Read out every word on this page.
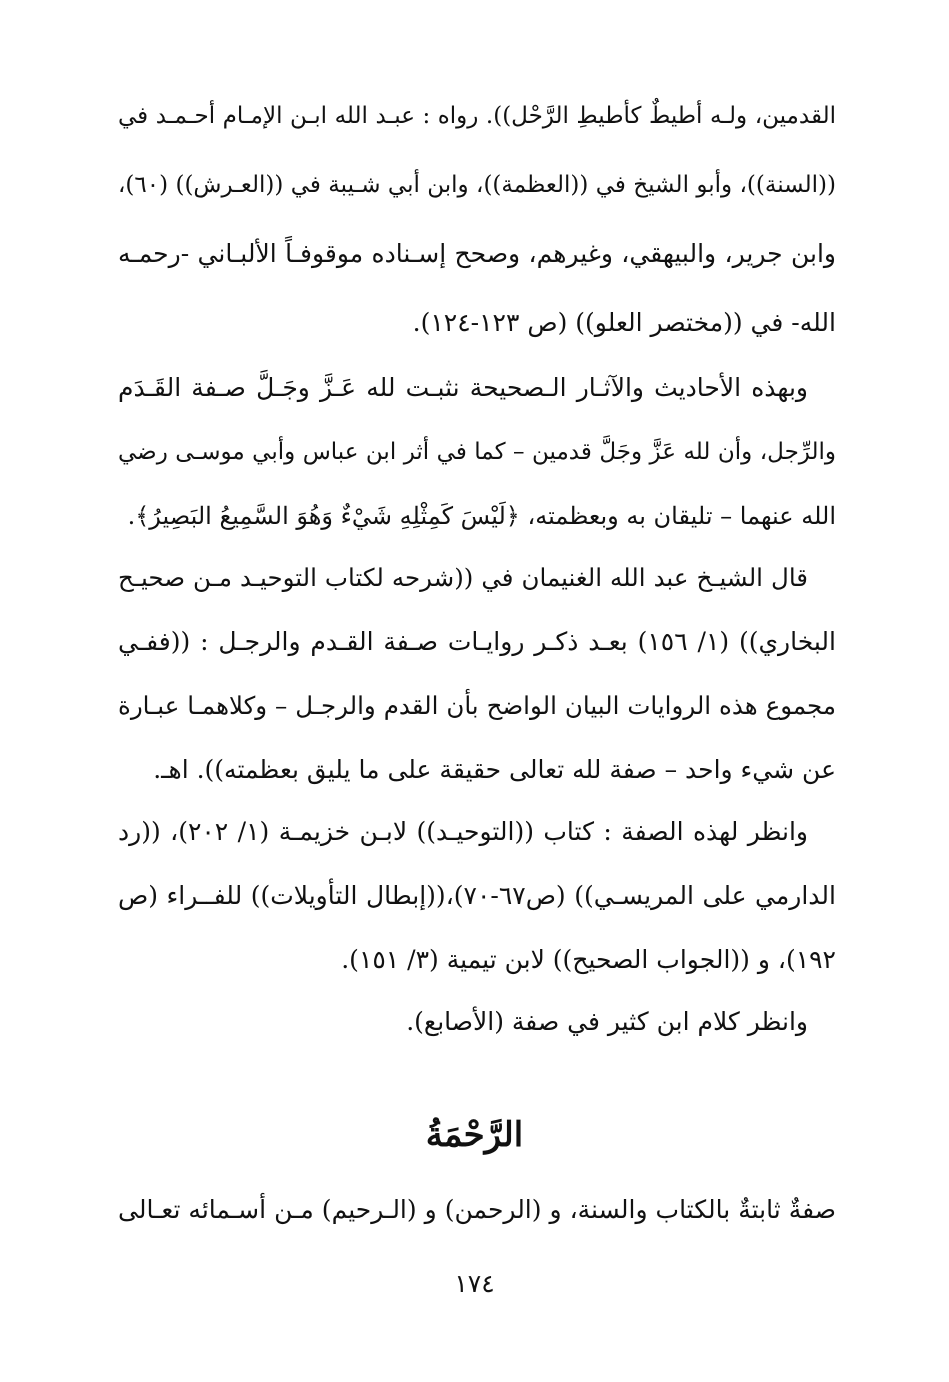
القدمين، ولـه أطيطٌ كأطيطِ الرَّحْل)). رواه : عبـد الله ابـن الإمـام أحـمـد في
((السنة))، وأبو الشيخ في ((العظمة))، وابن أبي شـيبة في ((العـرش)) (٦٠)،
وابن جرير، والبيهقي، وغيرهم، وصحح إسـناده موقوفـاً الألبـاني -رحمـه
الله- في ((مختصر العلو)) (ص ١٢٣-١٢٤).
وبهذه الأحاديث والآثـار الـصحيحة نثبـت لله عَـزَّ وجَـلَّ صـفة القَـدَم
والرِّجل، وأن لله عَزَّ وجَلَّ قدمين – كما في أثر ابن عباس وأبي موسـى رضي
الله عنهما – تليقان به وبعظمته، ﴿لَيْسَ كَمِثْلِهِ شَيْءٌ وَهُوَ السَّمِيعُ البَصِيرُ﴾.
قال الشيـخ عبد الله الغنيمان في ((شرحه لكتاب التوحيـد مـن صحيـح
البخاري)) (١/ ١٥٦) بعـد ذكـر روايـات صـفة القـدم والرجـل : ((ففـي
مجموع هذه الروايات البيان الواضح بأن القدم والرجـل – وكلاهمـا عبـارة
عن شيء واحد – صفة لله تعالى حقيقة على ما يليق بعظمته)). اهـ.
وانظر لهذه الصفة : كتاب ((التوحيـد)) لابـن خزيمـة (١/ ٢٠٢)، ((رد
الدارمي على المريسـي)) (ص٦٧-٧٠)،((إبطال التأويلات)) للفــراء (ص
١٩٢)، و ((الجواب الصحيح)) لابن تيمية (٣/ ١٥١).
وانظر كلام ابن كثير في صفة (الأصابع).
الرَّحْمَةُ
صفةٌ ثابتةٌ بالكتاب والسنة، و (الرحمن) و (الـرحيم) مـن أسـمائه تعـالى
١٧٤
